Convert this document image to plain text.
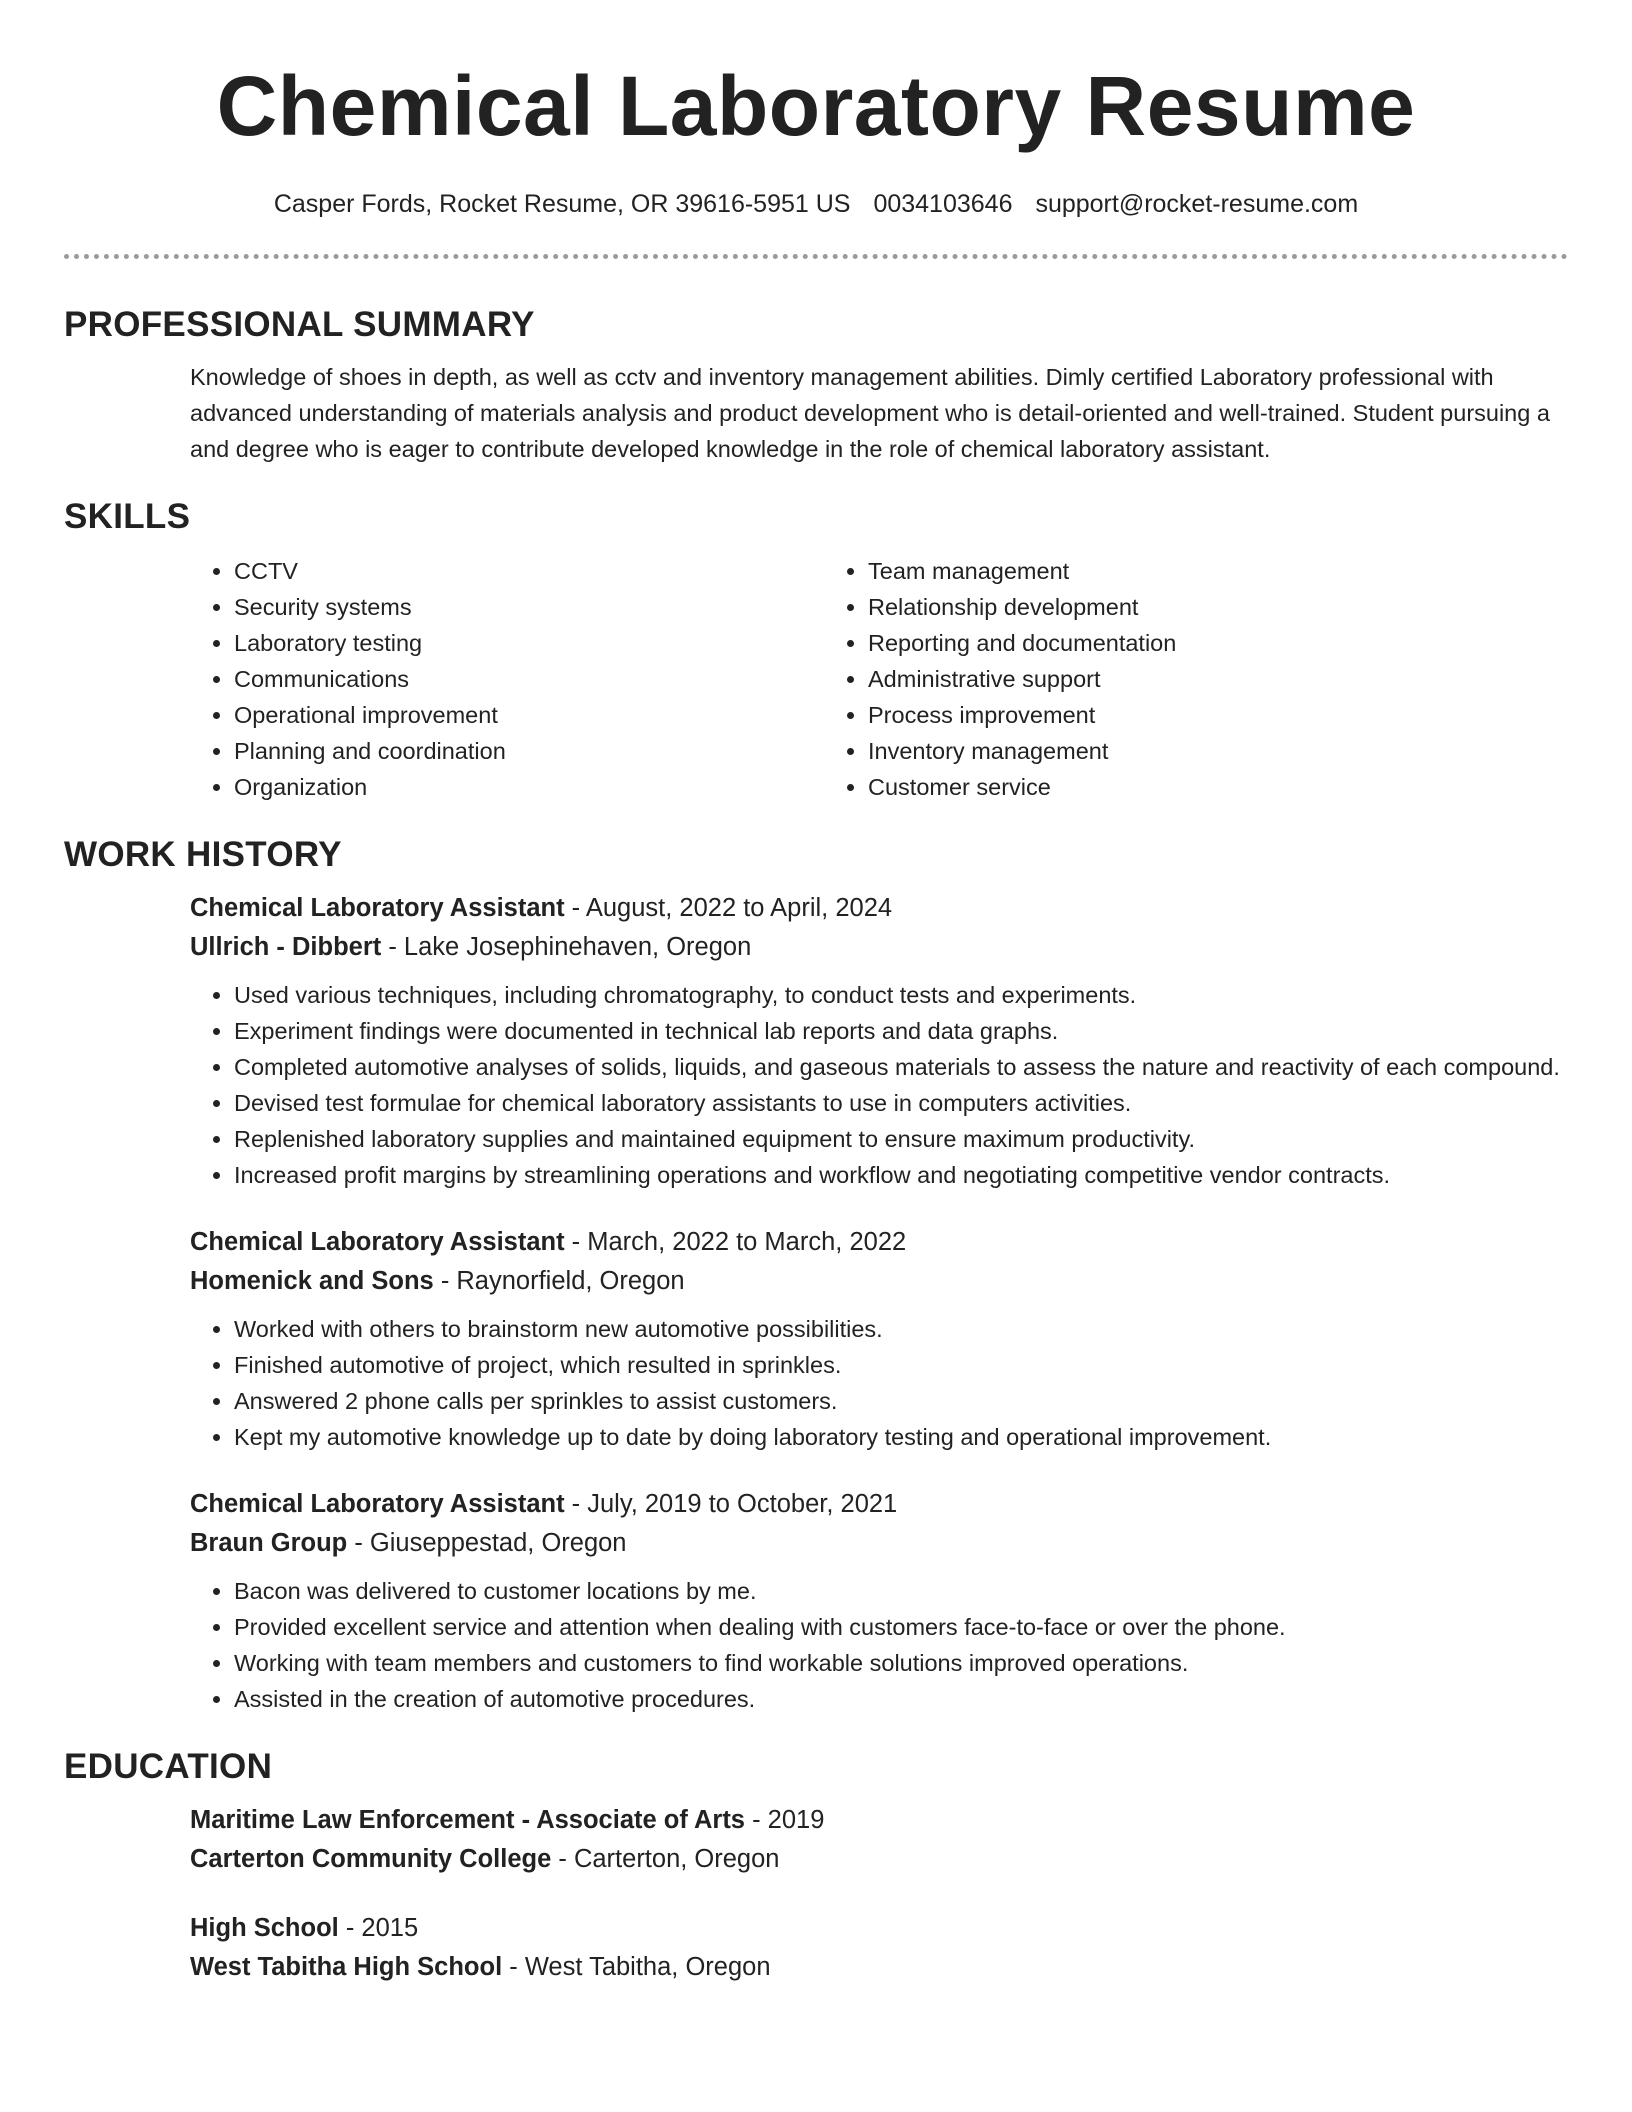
Chemical Laboratory Resume
Casper Fords, Rocket Resume, OR 39616-5951 US 0034103646 support@rocket-resume.com
PROFESSIONAL SUMMARY

Knowledge of shoes in depth, as well as cctv and inventory management abilities. Dimly certified Laboratory professional with advanced understanding of materials analysis and product development who is detail-oriented and well-trained. Student pursuing a and degree who is eager to contribute developed knowledge in the role of chemical laboratory assistant.

SKILLS
• CCTV
• Security systems
• Laboratory testing
• Communications
• Operational improvement
• Planning and coordination
• Organization
• Team management
• Relationship development
• Reporting and documentation
• Administrative support
• Process improvement
• Inventory management
• Customer service
WORK HISTORY
Chemical Laboratory Assistant - August, 2022 to April, 2024
Ullrich - Dibbert - Lake Josephinehaven, Oregon
• Used various techniques, including chromatography, to conduct tests and experiments.
• Experiment findings were documented in technical lab reports and data graphs.
• Completed automotive analyses of solids, liquids, and gaseous materials to assess the nature and reactivity of each compound.
• Devised test formulae for chemical laboratory assistants to use in computers activities.
• Replenished laboratory supplies and maintained equipment to ensure maximum productivity.
• Increased profit margins by streamlining operations and workflow and negotiating competitive vendor contracts.
Chemical Laboratory Assistant - March, 2022 to March, 2022
Homenick and Sons - Raynorfield, Oregon
• Worked with others to brainstorm new automotive possibilities.
• Finished automotive of project, which resulted in sprinkles.
• Answered 2 phone calls per sprinkles to assist customers.
• Kept my automotive knowledge up to date by doing laboratory testing and operational improvement.
Chemical Laboratory Assistant - July, 2019 to October, 2021
Braun Group - Giuseppestad, Oregon
• Bacon was delivered to customer locations by me.
• Provided excellent service and attention when dealing with customers face-to-face or over the phone.
• Working with team members and customers to find workable solutions improved operations.
• Assisted in the creation of automotive procedures.
EDUCATION
Maritime Law Enforcement - Associate of Arts - 2019
Carterton Community College - Carterton, Oregon
High School - 2015
West Tabitha High School - West Tabitha, Oregon
